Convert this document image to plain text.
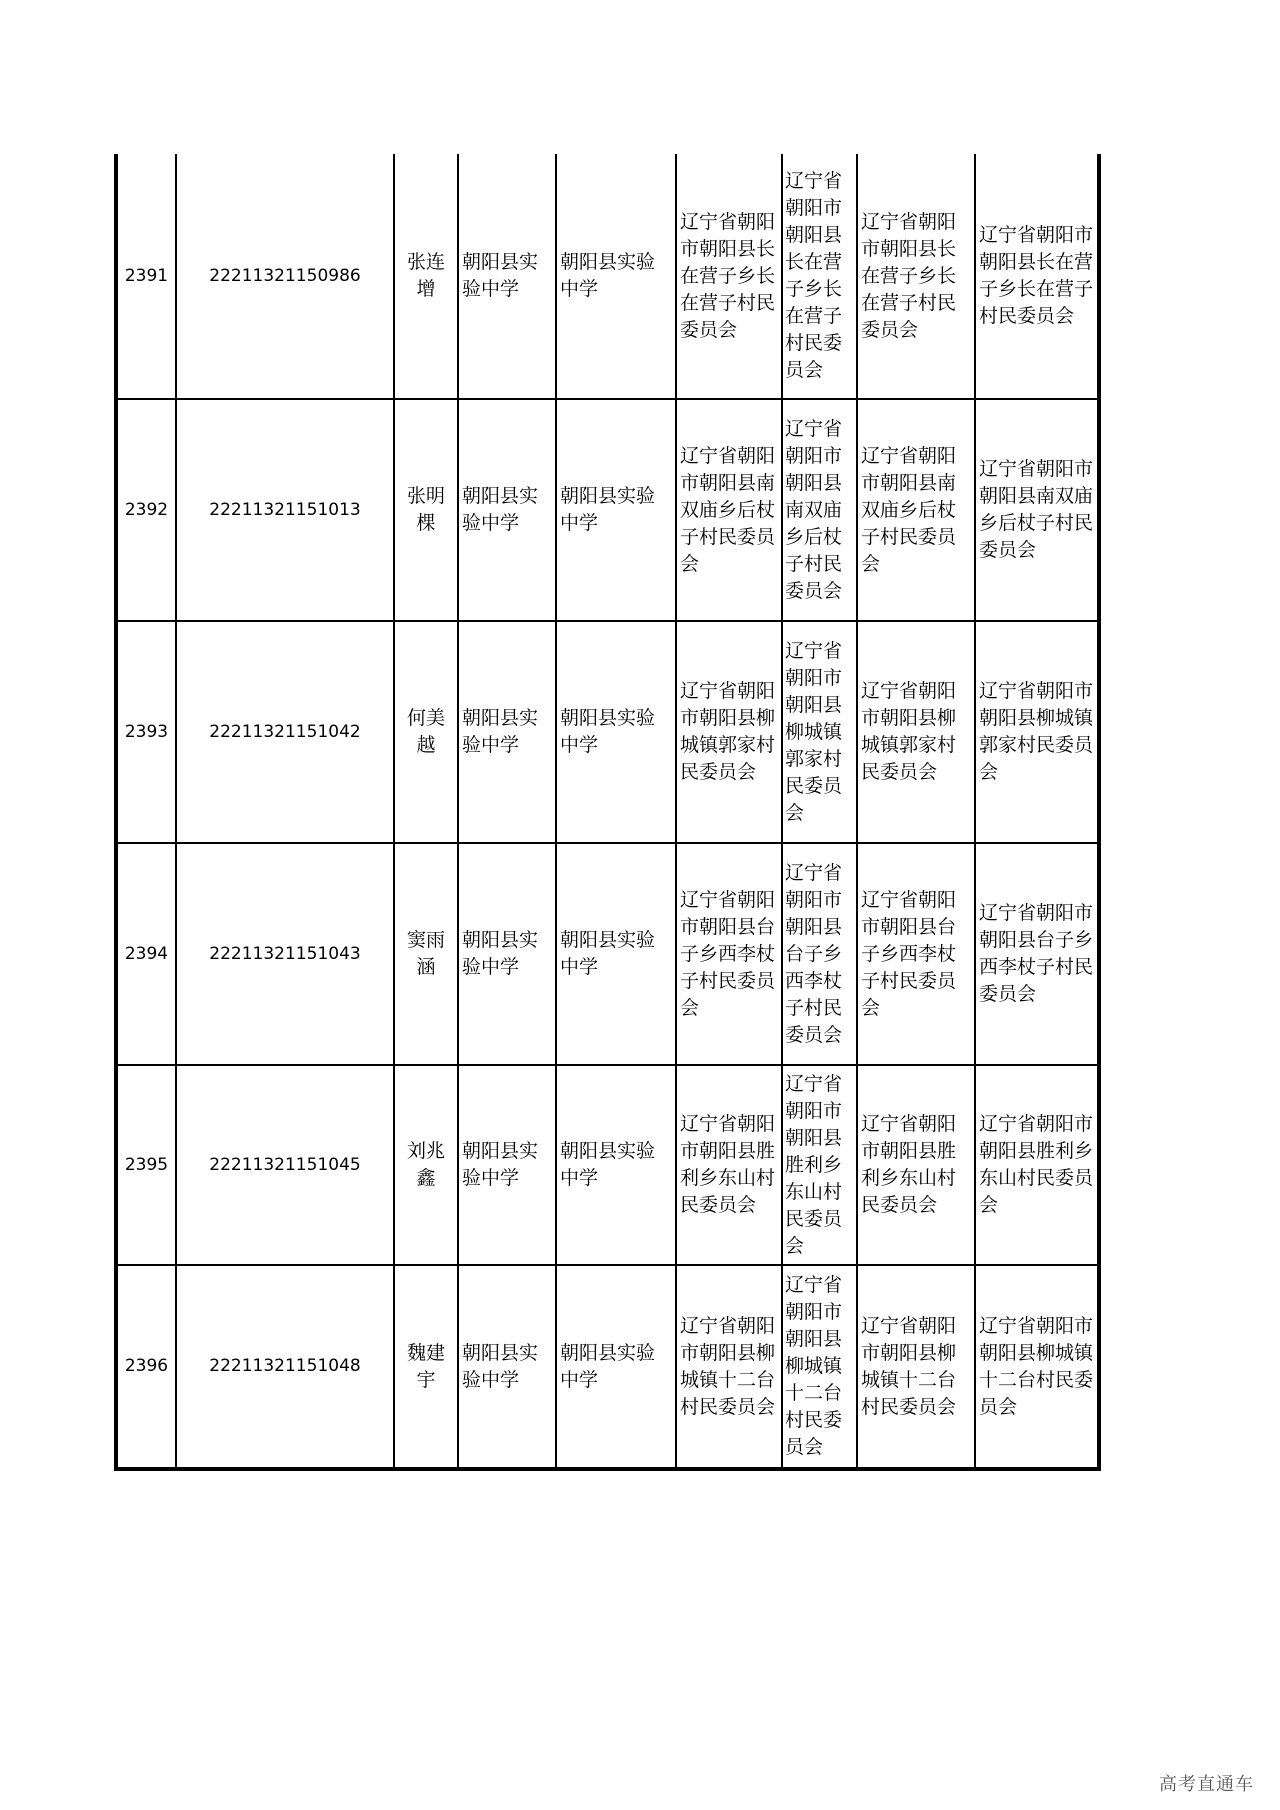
2391	22211321150986	张连增	朝阳县实验中学	朝阳县实验中学	辽宁省朝阳市朝阳县长在营子乡长在营子村民委员会	辽宁省朝阳市朝阳县长在营子乡长在营子村民委员会	辽宁省朝阳市朝阳县长在营子乡长在营子村民委员会	辽宁省朝阳市朝阳县长在营子乡长在营子村民委员会
2392	22211321151013	张明棵	朝阳县实验中学	朝阳县实验中学	辽宁省朝阳市朝阳县南双庙乡后杖子村民委员会	辽宁省朝阳市朝阳县南双庙乡后杖子村民委员会	辽宁省朝阳市朝阳县南双庙乡后杖子村民委员会	辽宁省朝阳市朝阳县南双庙乡后杖子村民委员会
2393	22211321151042	何美越	朝阳县实验中学	朝阳县实验中学	辽宁省朝阳市朝阳县柳城镇郭家村民委员会	辽宁省朝阳市朝阳县柳城镇郭家村民委员会	辽宁省朝阳市朝阳县柳城镇郭家村民委员会	辽宁省朝阳市朝阳县柳城镇郭家村民委员会
2394	22211321151043	窦雨涵	朝阳县实验中学	朝阳县实验中学	辽宁省朝阳市朝阳县台子乡西李杖子村民委员会	辽宁省朝阳市朝阳县台子乡西李杖子村民委员会	辽宁省朝阳市朝阳县台子乡西李杖子村民委员会	辽宁省朝阳市朝阳县台子乡西李杖子村民委员会
2395	22211321151045	刘兆鑫	朝阳县实验中学	朝阳县实验中学	辽宁省朝阳市朝阳县胜利乡东山村民委员会	辽宁省朝阳市朝阳县胜利乡东山村民委员会	辽宁省朝阳市朝阳县胜利乡东山村民委员会	辽宁省朝阳市朝阳县胜利乡东山村民委员会
2396	22211321151048	魏建宇	朝阳县实验中学	朝阳县实验中学	辽宁省朝阳市朝阳县柳城镇十二台村民委员会	辽宁省朝阳市朝阳县柳城镇十二台村民委员会	辽宁省朝阳市朝阳县柳城镇十二台村民委员会	辽宁省朝阳市朝阳县柳城镇十二台村民委员会
高考直通车
